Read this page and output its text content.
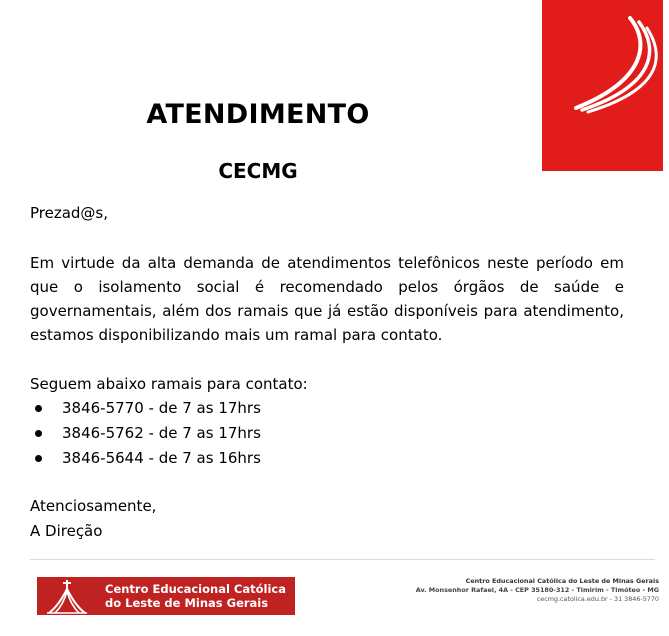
ATENDIMENTO
CECMG
Prezad@s,
Em virtude da alta demanda de atendimentos telefônicos neste período em que o isolamento social é recomendado pelos órgãos de saúde e governamentais, além dos ramais que já estão disponíveis para atendimento, estamos disponibilizando mais um ramal para contato.
Seguem abaixo ramais para contato:
3846-5770 - de 7 as 17hrs
3846-5762 - de 7 as 17hrs
3846-5644 - de 7 as 16hrs
Atenciosamente,
A Direção
Centro Educacional Católica
do Leste de Minas Gerais
Centro Educacional Católica do Leste de Minas Gerais
Av. Monsenhor Rafael, 4A - CEP 35180-312 - Timirim - Timóteo - MG
cecmg.catolica.edu.br - 31 3846-5770
